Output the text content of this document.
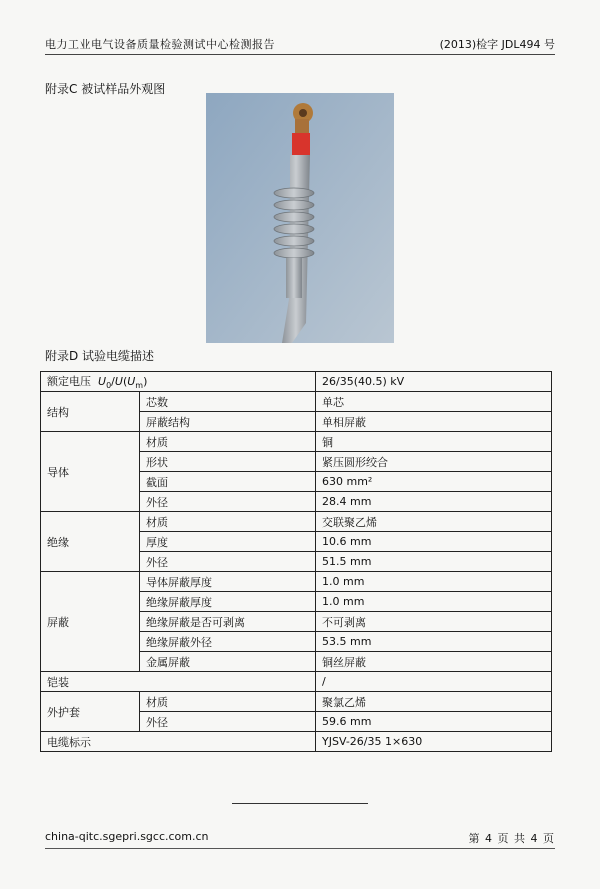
电力工业电气设备质量检验测试中心检测报告	(2013)检字 JDL494 号
附录C 被试样品外观图
附录D 试验电缆描述
额定电压 $U_0/U(U_m)$		26/35(40.5) kV
结构	芯数	单芯
	屏蔽结构	单相屏蔽
导体	材质	铜
	形状	紧压圆形绞合
	截面	630 mm²
	外径	28.4 mm
绝缘	材质	交联聚乙烯
	厚度	10.6 mm
	外径	51.5 mm
屏蔽	导体屏蔽厚度	1.0 mm
	绝缘屏蔽厚度	1.0 mm
	绝缘屏蔽是否可剥离	不可剥离
	绝缘屏蔽外径	53.5 mm
	金属屏蔽	铜丝屏蔽
铠装		/
外护套	材质	聚氯乙烯
	外径	59.6 mm
电缆标示		YJSV-26/35 1×630
china-qitc.sgepri.sgcc.com.cn	第 4 页 共 4 页
